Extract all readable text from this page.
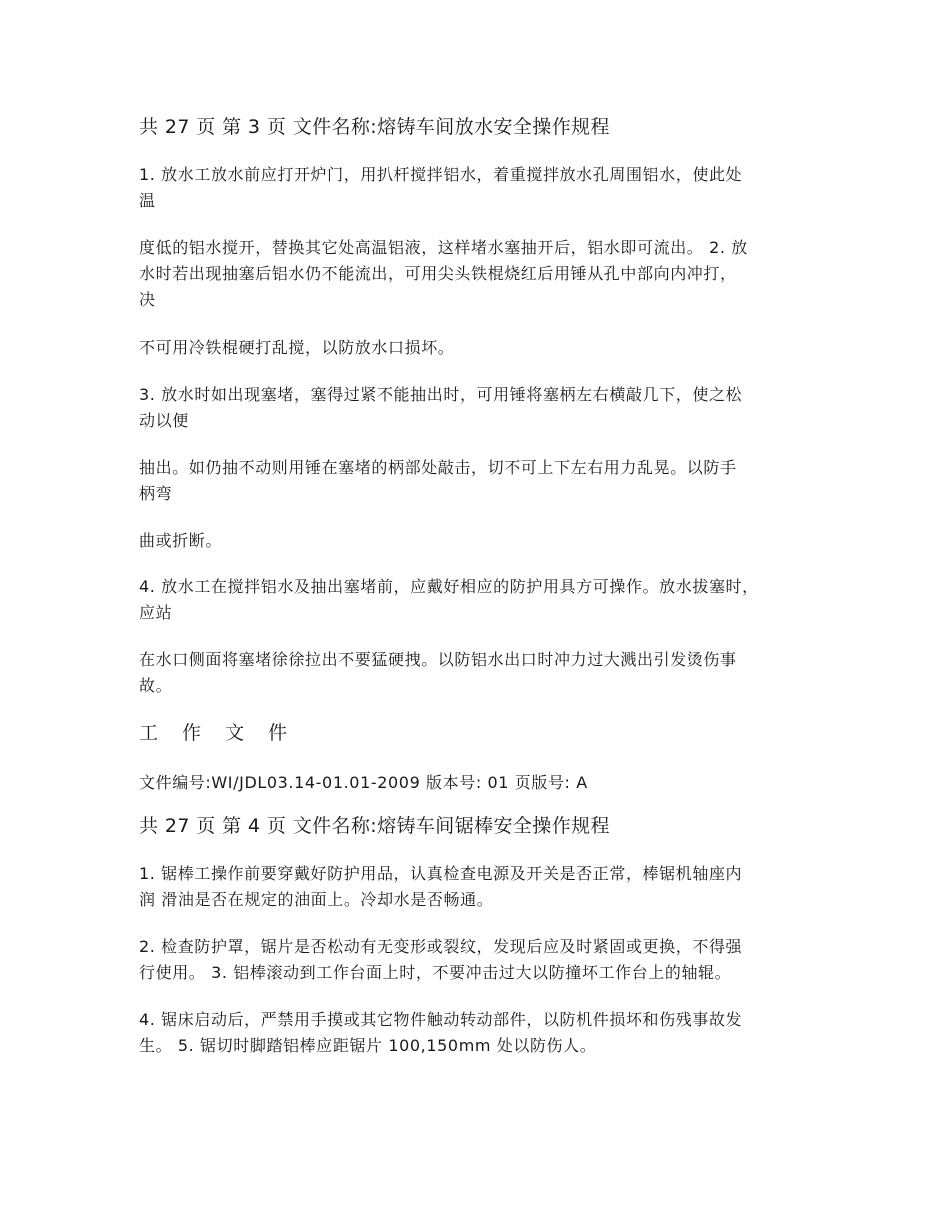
共 27 页 第 3 页 文件名称:熔铸车间放水安全操作规程

1. 放水工放水前应打开炉门，用扒杆搅拌铝水，着重搅拌放水孔周围铝水，使此处
温

度低的铝水搅开，替换其它处高温铝液，这样堵水塞抽开后，铝水即可流出。 2. 放
水时若出现抽塞后铝水仍不能流出，可用尖头铁棍烧红后用锤从孔中部向内冲打，
决

不可用冷铁棍硬打乱搅，以防放水口损坏。

3. 放水时如出现塞堵，塞得过紧不能抽出时，可用锤将塞柄左右横敲几下，使之松
动以便

抽出。如仍抽不动则用锤在塞堵的柄部处敲击，切不可上下左右用力乱晃。以防手
柄弯

曲或折断。

4. 放水工在搅拌铝水及抽出塞堵前，应戴好相应的防护用具方可操作。放水拔塞时，
应站

在水口侧面将塞堵徐徐拉出不要猛硬拽。以防铝水出口时冲力过大溅出引发烫伤事
故。

工 作 文 件

文件编号:WI/JDL03.14-01.01-2009 版本号: 01 页版号: A

共 27 页 第 4 页 文件名称:熔铸车间锯棒安全操作规程

1. 锯棒工操作前要穿戴好防护用品，认真检查电源及开关是否正常，棒锯机轴座内
润 滑油是否在规定的油面上。冷却水是否畅通。

2. 检查防护罩，锯片是否松动有无变形或裂纹，发现后应及时紧固或更换，不得强
行使用。 3. 铝棒滚动到工作台面上时，不要冲击过大以防撞坏工作台上的轴辊。

4. 锯床启动后，严禁用手摸或其它物件触动转动部件，以防机件损坏和伤残事故发
生。 5. 锯切时脚踏铝棒应距锯片 100,150mm 处以防伤人。
